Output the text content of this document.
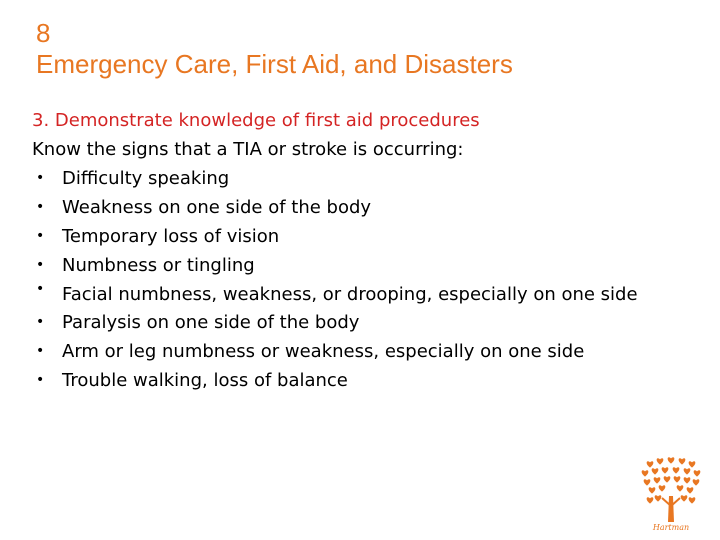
8
Emergency Care, First Aid, and Disasters
3. Demonstrate knowledge of first aid procedures
Know the signs that a TIA or stroke is occurring:
• Difficulty speaking
• Weakness on one side of the body
• Temporary loss of vision
• Numbness or tingling
• Facial numbness, weakness, or drooping, especially on one side
• Paralysis on one side of the body
• Arm or leg numbness or weakness, especially on one side
• Trouble walking, loss of balance
Hartman
